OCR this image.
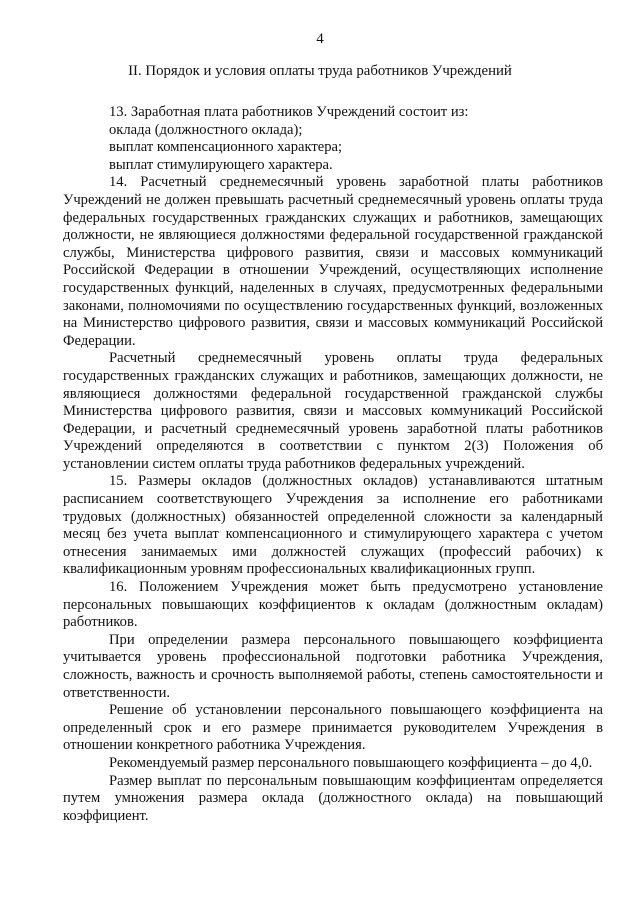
4
II. Порядок и условия оплаты труда работников Учреждений

13. Заработная плата работников Учреждений состоит из:

оклада (должностного оклада);

выплат компенсационного характера;

выплат стимулирующего характера.

14. Расчетный среднемесячный уровень заработной платы работников Учреждений не должен превышать расчетный среднемесячный уровень оплаты труда федеральных государственных гражданских служащих и работников, замещающих должности, не являющиеся должностями федеральной государственной гражданской службы, Министерства цифрового развития, связи и массовых коммуникаций Российской Федерации в отношении Учреждений, осуществляющих исполнение государственных функций, наделенных в случаях, предусмотренных федеральными законами, полномочиями по осуществлению государственных функций, возложенных на Министерство цифрового развития, связи и массовых коммуникаций Российской Федерации.

Расчетный среднемесячный уровень оплаты труда федеральных государственных гражданских служащих и работников, замещающих должности, не являющиеся должностями федеральной государственной гражданской службы Министерства цифрового развития, связи и массовых коммуникаций Российской Федерации, и расчетный среднемесячный уровень заработной платы работников Учреждений определяются в соответствии с пунктом 2(3) Положения об установлении систем оплаты труда работников федеральных учреждений.

15. Размеры окладов (должностных окладов) устанавливаются штатным расписанием соответствующего Учреждения за исполнение его работниками трудовых (должностных) обязанностей определенной сложности за календарный месяц без учета выплат компенсационного и стимулирующего характера с учетом отнесения занимаемых ими должностей служащих (профессий рабочих) к квалификационным уровням профессиональных квалификационных групп.

16. Положением Учреждения может быть предусмотрено установление персональных повышающих коэффициентов к окладам (должностным окладам) работников.

При определении размера персонального повышающего коэффициента учитывается уровень профессиональной подготовки работника Учреждения, сложность, важность и срочность выполняемой работы, степень самостоятельности и ответственности.

Решение об установлении персонального повышающего коэффициента на определенный срок и его размере принимается руководителем Учреждения в отношении конкретного работника Учреждения.

Рекомендуемый размер персонального повышающего коэффициента – до 4,0.

Размер выплат по персональным повышающим коэффициентам определяется путем умножения размера оклада (должностного оклада) на повышающий коэффициент.
